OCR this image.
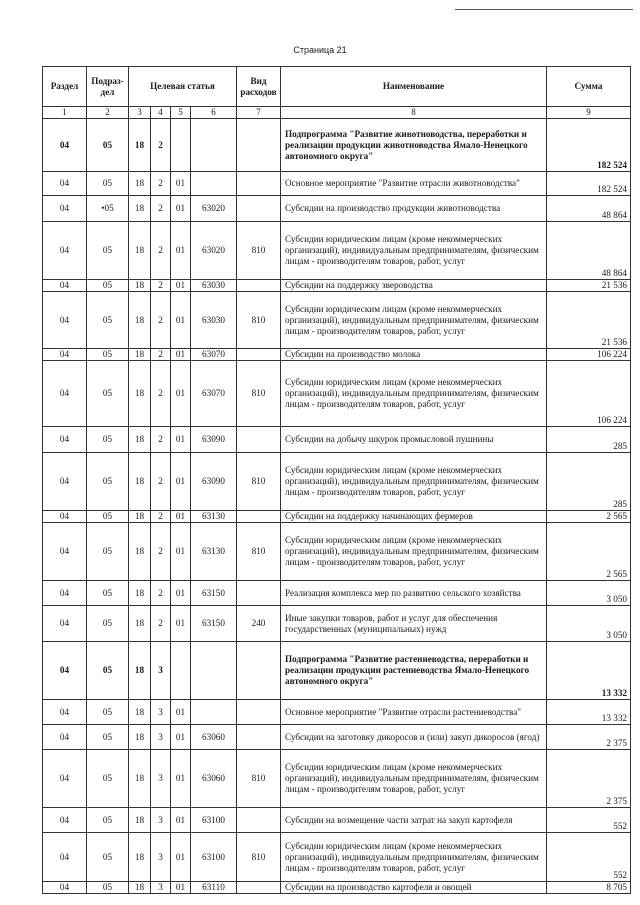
Страница 21
Раздел	Подраз-дел	Целевая статья				Вид расходов	Наименование	Сумма
1	2	3	4	5	6	7	8	9
04	05	18	2				Подпрограмма "Развитие животноводства, переработки и реализации продукции животноводства Ямало-Ненецкого автономного округа"	182 524
04	05	18	2	01			Основное мероприятие "Развитие отрасли животноводства"	182 524
04	•05	18	2	01	63020		Субсидии на производство продукции животноводства	48 864
04	05	18	2	01	63020	810	Субсидии юридическим лицам (кроме некоммерческих организаций), индивидуальным предпринимателям, физическим лицам - производителям товаров, работ, услуг	48 864
04	05	18	2	01	63030		Субсидии на поддержку звероводства	21 536
04	05	18	2	01	63030	810	Субсидии юридическим лицам (кроме некоммерческих организаций), индивидуальным предпринимателям, физическим лицам - производителям товаров, работ, услуг	21 536
04	05	18	2	01	63070		Субсидии на производство молока	106 224
04	05	18	2	01	63070	810	Субсидии юридическим лицам (кроме некоммерческих организаций), индивидуальным предпринимателям, физическим лицам - производителям товаров, работ, услуг	106 224
04	05	18	2	01	63090		Субсидии на добычу шкурок промысловой пушнины	285
04	05	18	2	01	63090	810	Субсидии юридическим лицам (кроме некоммерческих организаций), индивидуальным предпринимателям, физическим лицам - производителям товаров, работ, услуг	285
04	05	18	2	01	63130		Субсидии на поддержку начинающих фермеров	2 565
04	05	18	2	01	63130	810	Субсидии юридическим лицам (кроме некоммерческих организаций), индивидуальным предпринимателям, физическим лицам - производителям товаров, работ, услуг	2 565
04	05	18	2	01	63150		Реализация комплекса мер по развитию сельского хозяйства	3 050
04	05	18	2	01	63150	240	Иные закупки товаров, работ и услуг для обеспечения государственных (муниципальных) нужд	3 050
04	05	18	3				Подпрограмма "Развитие растениеводства, переработки и реализации продукции растениеводства Ямало-Ненецкого автономного округа"	13 332
04	05	18	3	01			Основное мероприятие "Развитие отрасли растениеводства"	13 332
04	05	18	3	01	63060		Субсидии на заготовку дикоросов и (или) закуп дикоросов (ягод)	2 375
04	05	18	3	01	63060	810	Субсидии юридическим лицам (кроме некоммерческих организаций), индивидуальным предпринимателям, физическим лицам - производителям товаров, работ, услуг	2 375
04	05	18	3	01	63100		Субсидии на возмещение части затрат на закуп картофеля	552
04	05	18	3	01	63100	810	Субсидии юридическим лицам (кроме некоммерческих организаций), индивидуальным предпринимателям, физическим лицам - производителям товаров, работ, услуг	552
04	05	18	3	01	63110		Субсидии на производство картофеля и овощей	8 705
